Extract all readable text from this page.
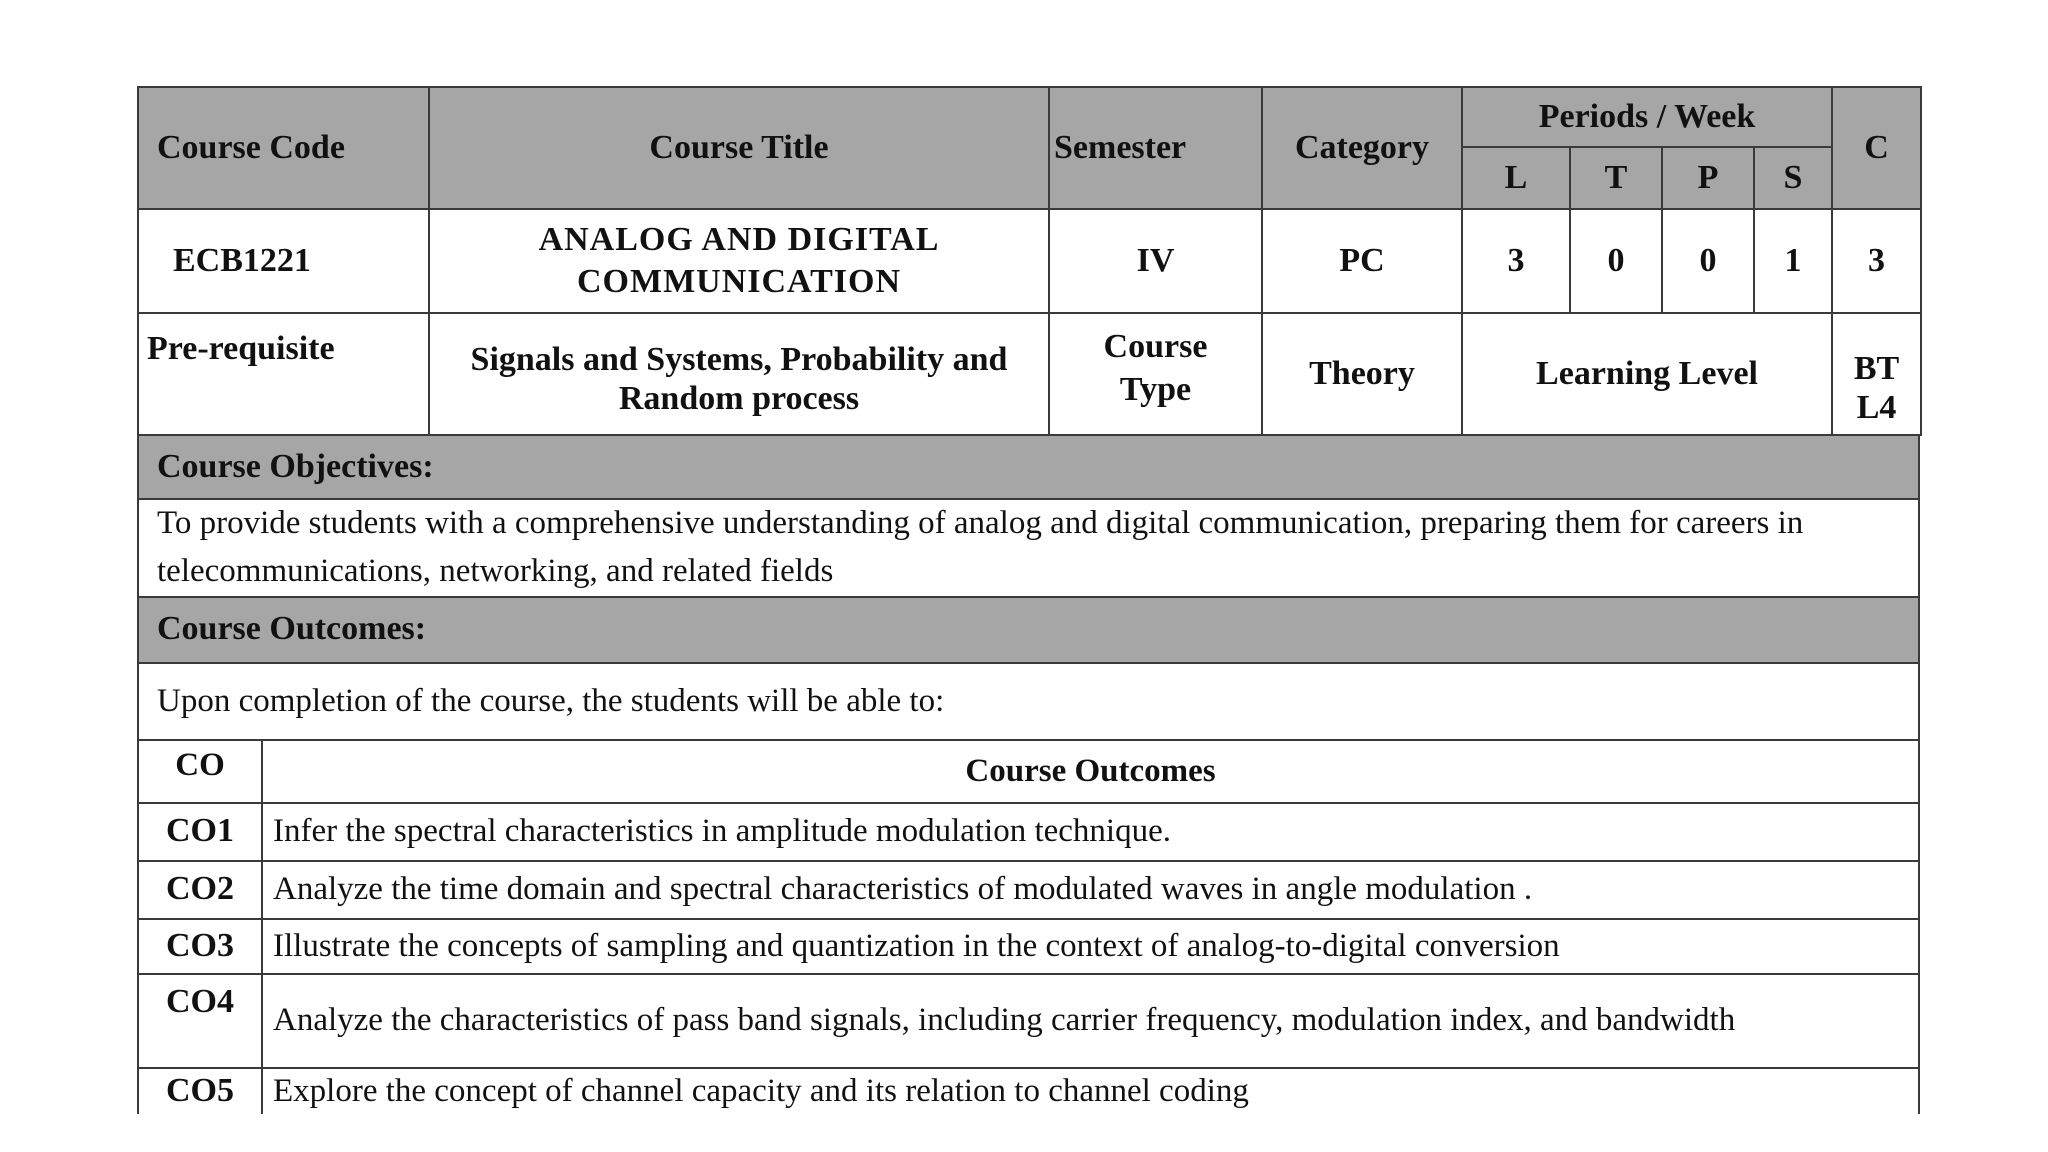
Course Code	Course Title	Semester	Category	Periods / Week				C
				L	T	P	S	
ECB1221	ANALOG AND DIGITAL COMMUNICATION	IV	PC	3	0	0	1	3
Pre-requisite	Signals and Systems, Probability and Random process	Course Type	Theory	Learning Level				BT L4
Course Objectives:
To provide students with a comprehensive understanding of analog and digital communication, preparing them for careers in telecommunications, networking, and related fields
Course Outcomes:
Upon completion of the course, the students will be able to:
CO	Course Outcomes
CO1	Infer the spectral characteristics in amplitude modulation technique.
CO2	Analyze the time domain and spectral characteristics of modulated waves in angle modulation .
CO3	Illustrate the concepts of sampling and quantization in the context of analog-to-digital conversion
CO4	Analyze the characteristics of pass band signals, including carrier frequency, modulation index, and bandwidth
CO5	Explore the concept of channel capacity and its relation to channel coding
